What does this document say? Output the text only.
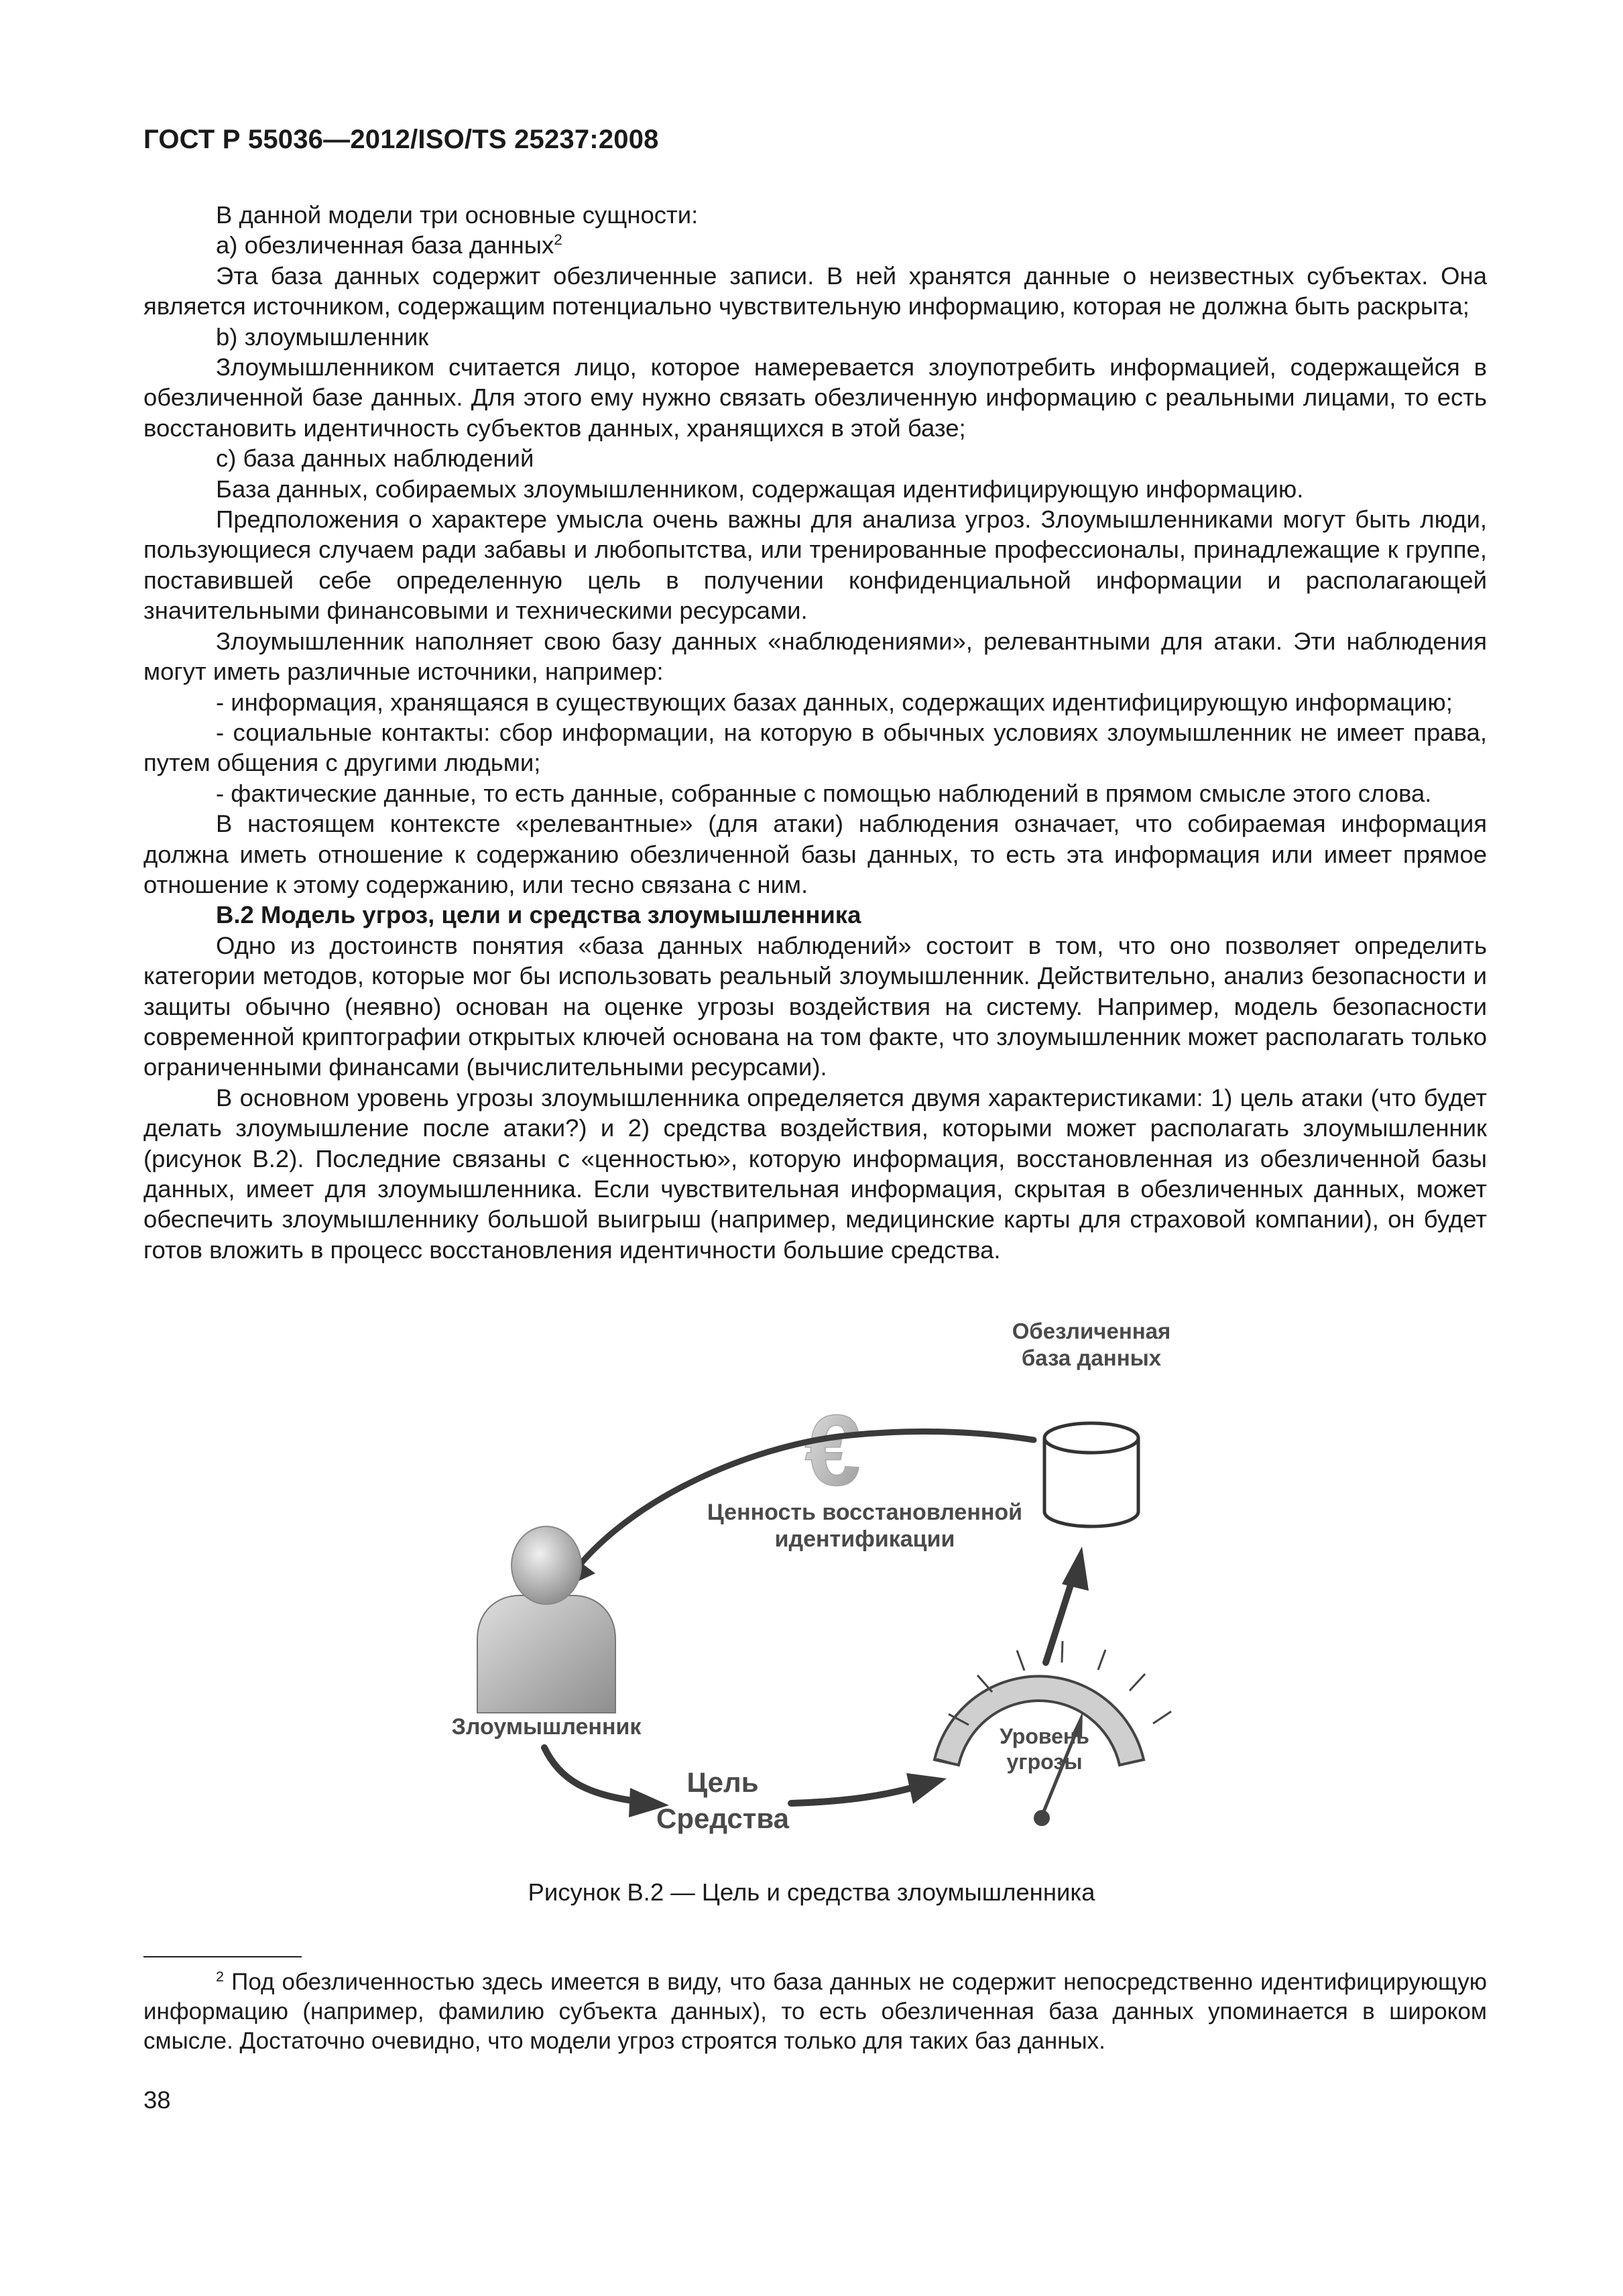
ГОСТ Р 55036—2012/ISO/TS 25237:2008

В данной модели три основные сущности:

а) обезличенная база данных$^2$

Эта база данных содержит обезличенные записи. В ней хранятся данные о неизвестных субъектах. Она является источником, содержащим потенциально чувствительную информацию, которая не должна быть раскрыта;

b) злоумышленник

Злоумышленником считается лицо, которое намеревается злоупотребить информацией, содержащейся в обезличенной базе данных. Для этого ему нужно связать обезличенную информацию с реальными лицами, то есть восстановить идентичность субъектов данных, хранящихся в этой базе;

с) база данных наблюдений

База данных, собираемых злоумышленником, содержащая идентифицирующую информацию.

Предположения о характере умысла очень важны для анализа угроз. Злоумышленниками могут быть люди, пользующиеся случаем ради забавы и любопытства, или тренированные профессионалы, принадлежащие к группе, поставившей себе определенную цель в получении конфиденциальной информации и располагающей значительными финансовыми и техническими ресурсами.

Злоумышленник наполняет свою базу данных «наблюдениями», релевантными для атаки. Эти наблюдения могут иметь различные источники, например:

- информация, хранящаяся в существующих базах данных, содержащих идентифицирующую информацию;

- социальные контакты: сбор информации, на которую в обычных условиях злоумышленник не имеет права, путем общения с другими людьми;

- фактические данные, то есть данные, собранные с помощью наблюдений в прямом смысле этого слова.

В настоящем контексте «релевантные» (для атаки) наблюдения означает, что собираемая информация должна иметь отношение к содержанию обезличенной базы данных, то есть эта информация или имеет прямое отношение к этому содержанию, или тесно связана с ним.

В.2 Модель угроз, цели и средства злоумышленника

Одно из достоинств понятия «база данных наблюдений» состоит в том, что оно позволяет определить категории методов, которые мог бы использовать реальный злоумышленник. Действительно, анализ безопасности и защиты обычно (неявно) основан на оценке угрозы воздействия на систему. Например, модель безопасности современной криптографии открытых ключей основана на том факте, что злоумышленник может располагать только ограниченными финансами (вычислительными ресурсами).

В основном уровень угрозы злоумышленника определяется двумя характеристиками: 1) цель атаки (что будет делать злоумышление после атаки?) и 2) средства воздействия, которыми может располагать злоумышленник (рисунок В.2). Последние связаны с «ценностью», которую информация, восстановленная из обезличенной базы данных, имеет для злоумышленника. Если чувствительная информация, скрытая в обезличенных данных, может обеспечить злоумышленнику большой выигрыш (например, медицинские карты для страховой компании), он будет готов вложить в процесс восстановления идентичности большие средства.

Обезличенная
база данных
€
Ценность восстановленной
идентификации
Злоумышленник
Цель
Средства
Уровень
угрозы
Рисунок В.2 — Цель и средства злоумышленника
$^2$ Под обезличенностью здесь имеется в виду, что база данных не содержит непосредственно идентифицирующую информацию (например, фамилию субъекта данных), то есть обезличенная база данных упоминается в широком смысле. Достаточно очевидно, что модели угроз строятся только для таких баз данных.
38
